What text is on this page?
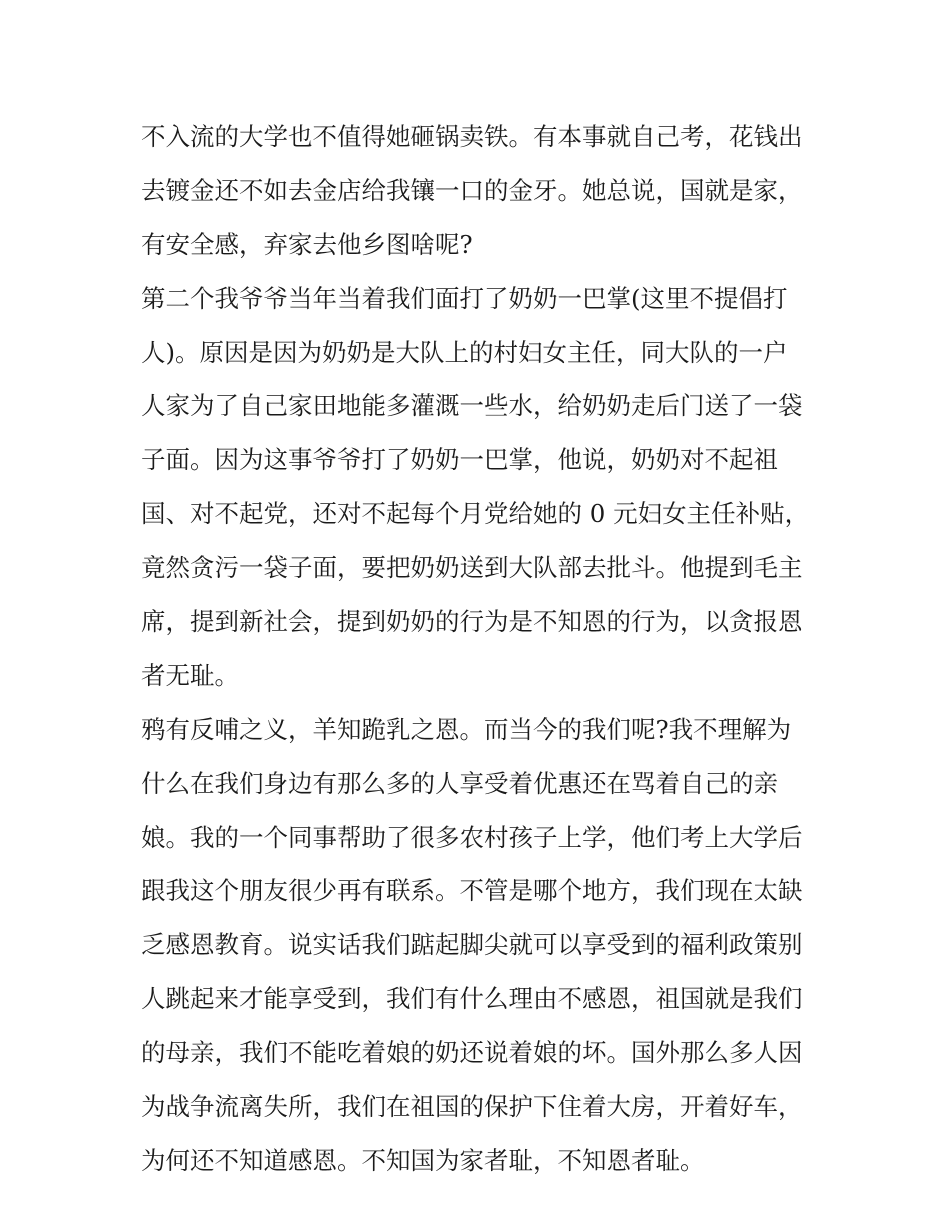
不入流的大学也不值得她砸锅卖铁。有本事就自己考，花钱出
去镀金还不如去金店给我镶一口的金牙。她总说，国就是家，
有安全感，弃家去他乡图啥呢?
第二个我爷爷当年当着我们面打了奶奶一巴掌(这里不提倡打
人)。原因是因为奶奶是大队上的村妇女主任，同大队的一户
人家为了自己家田地能多灌溉一些水，给奶奶走后门送了一袋
子面。因为这事爷爷打了奶奶一巴掌，他说，奶奶对不起祖
国、对不起党，还对不起每个月党给她的 0 元妇女主任补贴，
竟然贪污一袋子面，要把奶奶送到大队部去批斗。他提到毛主
席，提到新社会，提到奶奶的行为是不知恩的行为，以贪报恩
者无耻。
鸦有反哺之义，羊知跪乳之恩。而当今的我们呢?我不理解为
什么在我们身边有那么多的人享受着优惠还在骂着自己的亲
娘。我的一个同事帮助了很多农村孩子上学，他们考上大学后
跟我这个朋友很少再有联系。不管是哪个地方，我们现在太缺
乏感恩教育。说实话我们踮起脚尖就可以享受到的福利政策别
人跳起来才能享受到，我们有什么理由不感恩，祖国就是我们
的母亲，我们不能吃着娘的奶还说着娘的坏。国外那么多人因
为战争流离失所，我们在祖国的保护下住着大房，开着好车，
为何还不知道感恩。不知国为家者耻，不知恩者耻。
